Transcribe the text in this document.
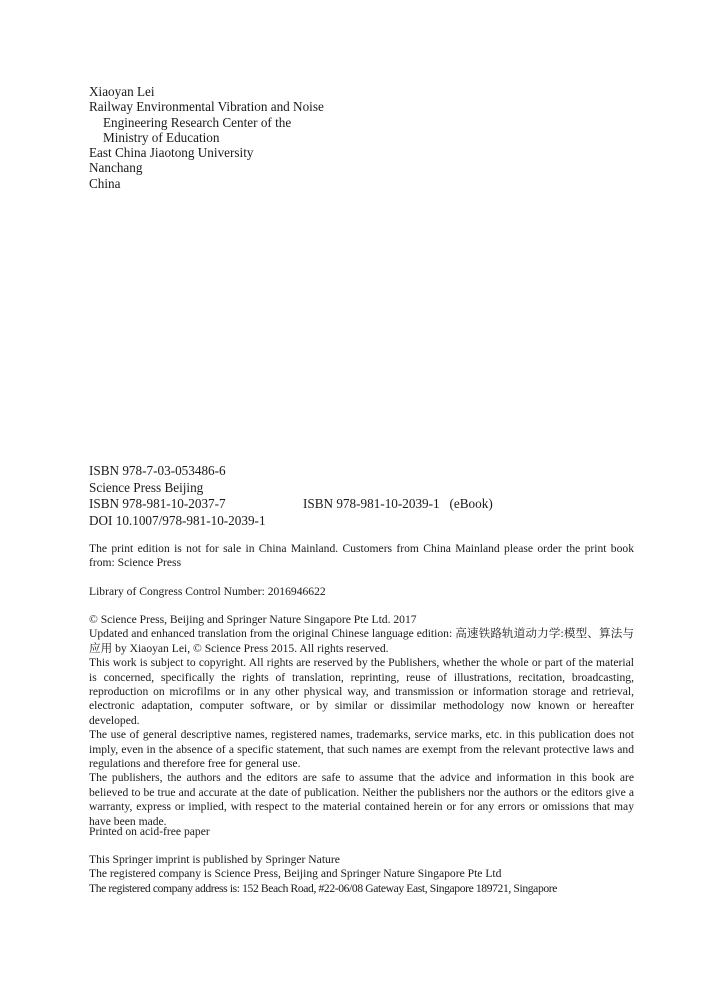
Xiaoyan Lei
Railway Environmental Vibration and Noise
Engineering Research Center of the
Ministry of Education
East China Jiaotong University
Nanchang
China
ISBN 978-7-03-053486-6
Science Press Beijing
ISBN 978-981-10-2037-7	ISBN 978-981-10-2039-1   (eBook)
DOI 10.1007/978-981-10-2039-1
The print edition is not for sale in China Mainland. Customers from China Mainland please order the print book from: Science Press
Library of Congress Control Number: 2016946622
© Science Press, Beijing and Springer Nature Singapore Pte Ltd. 2017
Updated and enhanced translation from the original Chinese language edition: 高速铁路轨道动力学:模型、算法与应用 by Xiaoyan Lei, © Science Press 2015. All rights reserved.
This work is subject to copyright. All rights are reserved by the Publishers, whether the whole or part of the material is concerned, specifically the rights of translation, reprinting, reuse of illustrations, recitation, broadcasting, reproduction on microfilms or in any other physical way, and transmission or information storage and retrieval, electronic adaptation, computer software, or by similar or dissimilar methodology now known or hereafter developed.
The use of general descriptive names, registered names, trademarks, service marks, etc. in this publication does not imply, even in the absence of a specific statement, that such names are exempt from the relevant protective laws and regulations and therefore free for general use.
The publishers, the authors and the editors are safe to assume that the advice and information in this book are believed to be true and accurate at the date of publication. Neither the publishers nor the authors or the editors give a warranty, express or implied, with respect to the material contained herein or for any errors or omissions that may have been made.
Printed on acid-free paper
This Springer imprint is published by Springer Nature
The registered company is Science Press, Beijing and Springer Nature Singapore Pte Ltd
The registered company address is: 152 Beach Road, #22-06/08 Gateway East, Singapore 189721, Singapore
